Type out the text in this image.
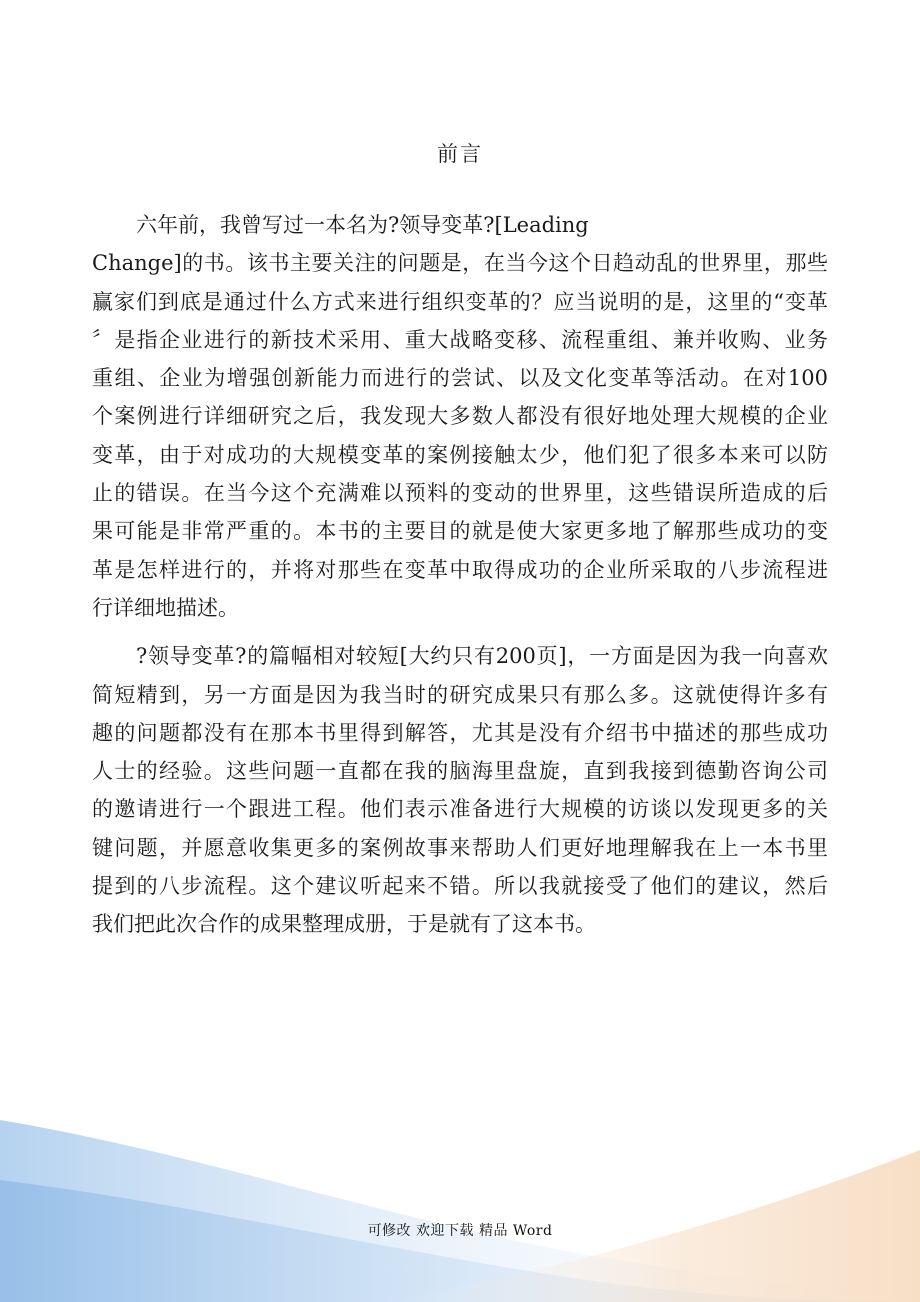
前言
六年前，我曾写过一本名为?领导变革?[Leading
Change]的书。该书主要关注的问题是，在当今这个日趋动乱的世界里，那些
赢家们到底是通过什么方式来进行组织变革的？应当说明的是，这里的“变革
〞是指企业进行的新技术采用、重大战略变移、流程重组、兼并收购、业务
重组、企业为增强创新能力而进行的尝试、以及文化变革等活动。在对100
个案例进行详细研究之后，我发现大多数人都没有很好地处理大规模的企业
变革，由于对成功的大规模变革的案例接触太少，他们犯了很多本来可以防
止的错误。在当今这个充满难以预料的变动的世界里，这些错误所造成的后
果可能是非常严重的。本书的主要目的就是使大家更多地了解那些成功的变
革是怎样进行的，并将对那些在变革中取得成功的企业所采取的八步流程进
行详细地描述。
?领导变革?的篇幅相对较短[大约只有200页]，一方面是因为我一向喜欢
简短精到，另一方面是因为我当时的研究成果只有那么多。这就使得许多有
趣的问题都没有在那本书里得到解答，尤其是没有介绍书中描述的那些成功
人士的经验。这些问题一直都在我的脑海里盘旋，直到我接到德勤咨询公司
的邀请进行一个跟进工程。他们表示准备进行大规模的访谈以发现更多的关
键问题，并愿意收集更多的案例故事来帮助人们更好地理解我在上一本书里
提到的八步流程。这个建议听起来不错。所以我就接受了他们的建议，然后
我们把此次合作的成果整理成册，于是就有了这本书。
可修改 欢迎下载 精品 Word
